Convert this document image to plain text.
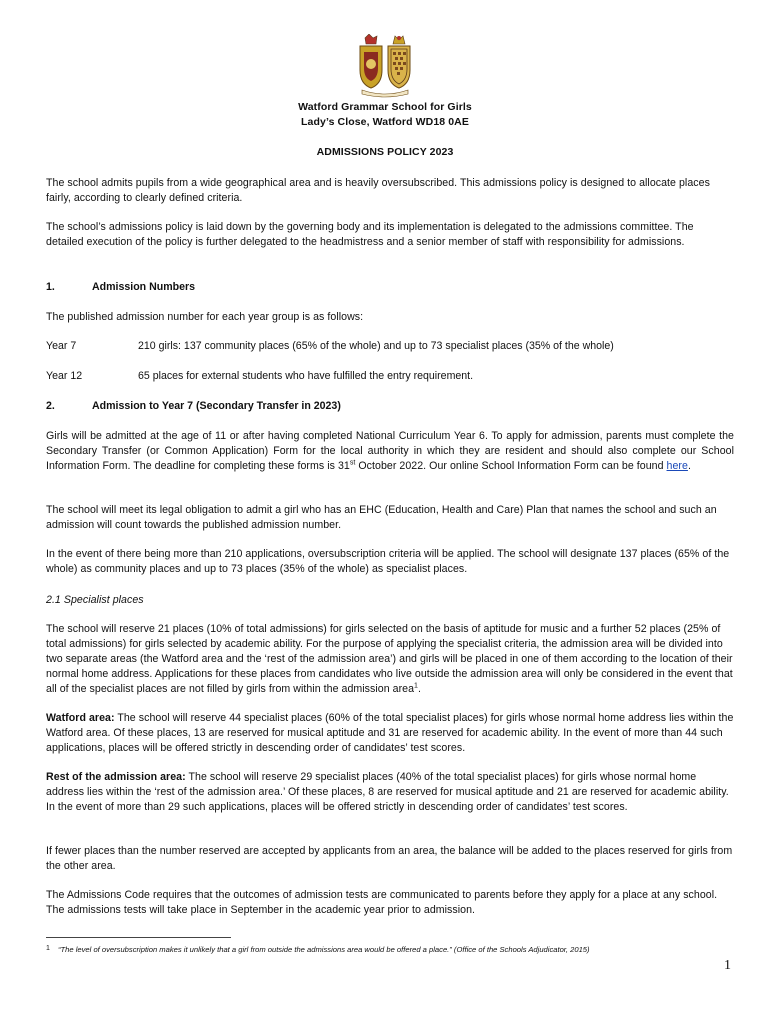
Watford Grammar School for Girls
Lady’s Close, Watford WD18 0AE
ADMISSIONS POLICY 2023

The school admits pupils from a wide geographical area and is heavily oversubscribed. This admissions policy is designed to allocate places fairly, according to clearly defined criteria.

The school’s admissions policy is laid down by the governing body and its implementation is delegated to the admissions committee. The detailed execution of the policy is further delegated to the headmistress and a senior member of staff with responsibility for admissions.

1.	Admission Numbers

The published admission number for each year group is as follows:

Year 7	210 girls: 137 community places (65% of the whole) and up to 73 specialist places (35% of the whole)
Year 12	65 places for external students who have fulfilled the entry requirement.
2.	Admission to Year 7 (Secondary Transfer in 2023)

Girls will be admitted at the age of 11 or after having completed National Curriculum Year 6. To apply for admission, parents must complete the Secondary Transfer (or Common Application) Form for the local authority in which they are resident and should also complete our School Information Form. The deadline for completing these forms is 31st October 2022. Our online School Information Form can be found here.

The school will meet its legal obligation to admit a girl who has an EHC (Education, Health and Care) Plan that names the school and such an admission will count towards the published admission number.

In the event of there being more than 210 applications, oversubscription criteria will be applied. The school will designate 137 places (65% of the whole) as community places and up to 73 places (35% of the whole) as specialist places.

2.1 Specialist places

The school will reserve 21 places (10% of total admissions) for girls selected on the basis of aptitude for music and a further 52 places (25% of total admissions) for girls selected by academic ability. For the purpose of applying the specialist criteria, the admission area will be divided into two separate areas (the Watford area and the ‘rest of the admission area’) and girls will be placed in one of them according to the location of their normal home address. Applications for these places from candidates who live outside the admission area will only be considered in the event that all of the specialist places are not filled by girls from within the admission area$^1$.

Watford area: The school will reserve 44 specialist places (60% of the total specialist places) for girls whose normal home address lies within the Watford area. Of these places, 13 are reserved for musical aptitude and 31 are reserved for academic ability. In the event of more than 44 such applications, places will be offered strictly in descending order of candidates’ test scores.

Rest of the admission area: The school will reserve 29 specialist places (40% of the total specialist places) for girls whose normal home address lies within the ‘rest of the admission area.’ Of these places, 8 are reserved for musical aptitude and 21 are reserved for academic ability. In the event of more than 29 such applications, places will be offered strictly in descending order of candidates’ test scores.

If fewer places than the number reserved are accepted by applicants from an area, the balance will be added to the places reserved for girls from the other area.

The Admissions Code requires that the outcomes of admission tests are communicated to parents before they apply for a place at any school. The admissions tests will take place in September in the academic year prior to admission.

1 “The level of oversubscription makes it unlikely that a girl from outside the admissions area would be offered a place.” (Office of the Schools Adjudicator, 2015)
1
